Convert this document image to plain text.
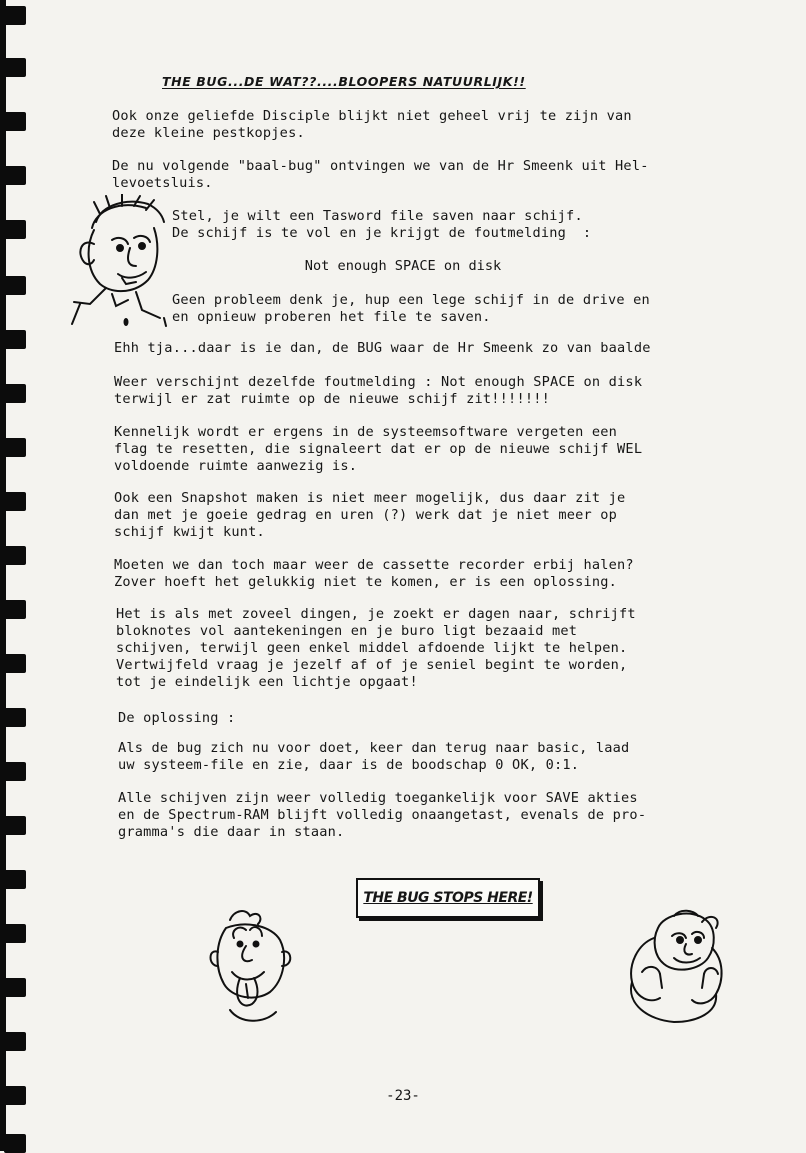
THE BUG...DE WAT??....BLOOPERS NATUURLIJK!!

Ook onze geliefde Disciple blijkt niet geheel vrij te zijn van
deze kleine pestkopjes.

De nu volgende "baal-bug" ontvingen we van de Hr Smeenk uit Hel-
levoetsluis.

Stel, je wilt een Tasword file saven naar schijf.
De schijf is te vol en je krijgt de foutmelding  :

Not enough SPACE on disk

Geen probleem denk je, hup een lege schijf in de drive en
en opnieuw proberen het file te saven.

Ehh tja...daar is ie dan, de BUG waar de Hr Smeenk zo van baalde

Weer verschijnt dezelfde foutmelding : Not enough SPACE on disk
terwijl er zat ruimte op de nieuwe schijf zit!!!!!!!

Kennelijk wordt er ergens in de systeemsoftware vergeten een
flag te resetten, die signaleert dat er op de nieuwe schijf WEL
voldoende ruimte aanwezig is.

Ook een Snapshot maken is niet meer mogelijk, dus daar zit je
dan met je goeie gedrag en uren (?) werk dat je niet meer op
schijf kwijt kunt.

Moeten we dan toch maar weer de cassette recorder erbij halen?
Zover hoeft het gelukkig niet te komen, er is een oplossing.

Het is als met zoveel dingen, je zoekt er dagen naar, schrijft
bloknotes vol aantekeningen en je buro ligt bezaaid met
schijven, terwijl geen enkel middel afdoende lijkt te helpen.
Vertwijfeld vraag je jezelf af of je seniel begint te worden,
tot je eindelijk een lichtje opgaat!

De oplossing :

Als de bug zich nu voor doet, keer dan terug naar basic, laad
uw systeem-file en zie, daar is de boodschap 0 OK, 0:1.

Alle schijven zijn weer volledig toegankelijk voor SAVE akties
en de Spectrum-RAM blijft volledig onaangetast, evenals de pro-
gramma's die daar in staan.

THE BUG STOPS HERE!
-23-
